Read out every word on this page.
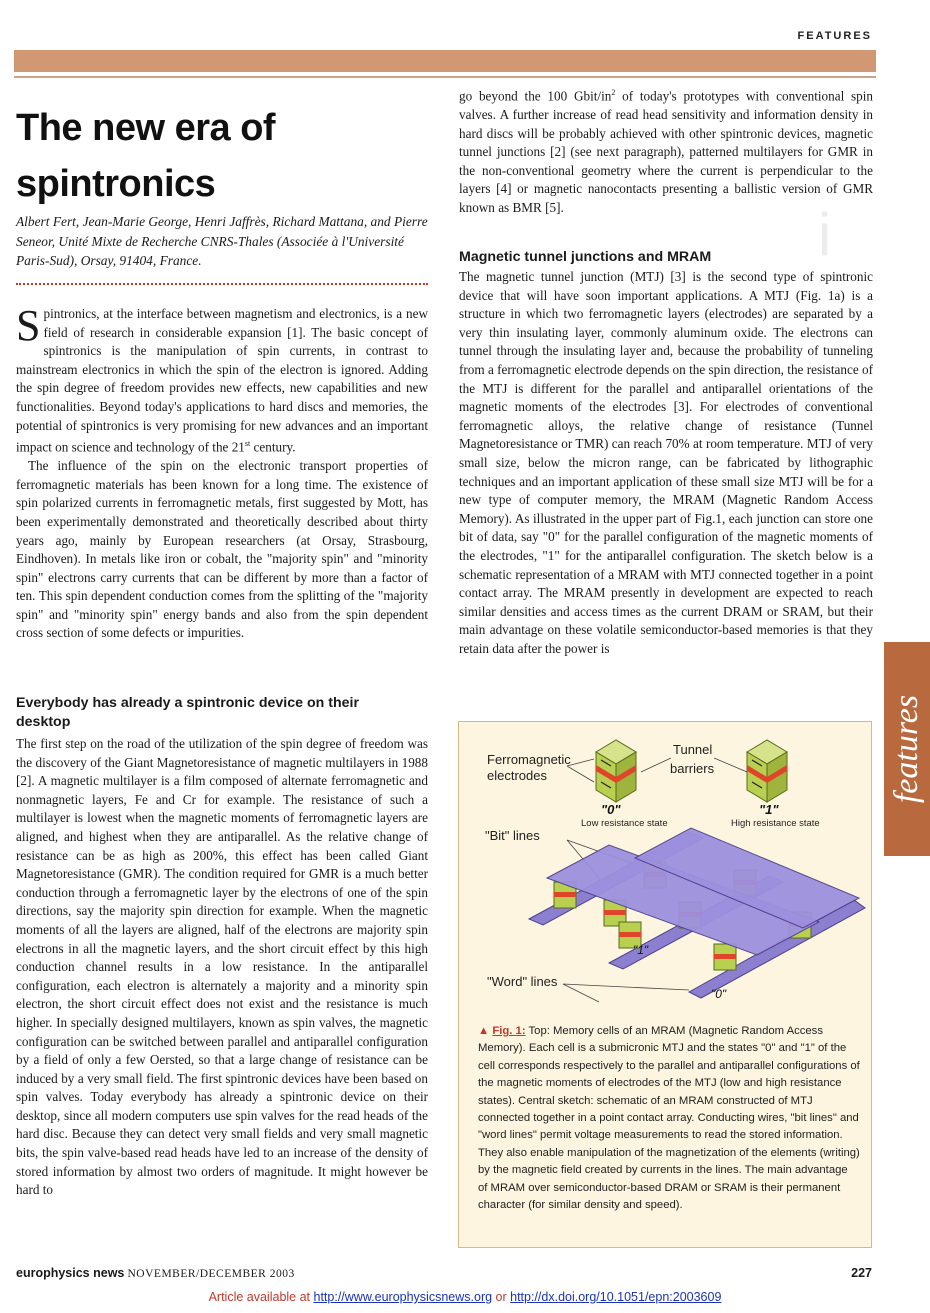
FEATURES
i
The new era of
spintronics
Albert Fert, Jean-Marie George, Henri Jaffrès, Richard Mattana, and Pierre Seneor, Unité Mixte de Recherche CNRS-Thales (Associée à l'Université Paris-Sud), Orsay, 91404, France.

Spintronics, at the interface between magnetism and electronics, is a new field of research in considerable expansion [1]. The basic concept of spintronics is the manipulation of spin currents, in contrast to mainstream electronics in which the spin of the electron is ignored. Adding the spin degree of freedom provides new effects, new capabilities and new functionalities. Beyond today's applications to hard discs and memories, the potential of spintronics is very promising for new advances and an important impact on science and technology of the 21st century.

The influence of the spin on the electronic transport properties of ferromagnetic materials has been known for a long time. The existence of spin polarized currents in ferromagnetic metals, first suggested by Mott, has been experimentally demonstrated and theoretically described about thirty years ago, mainly by European researchers (at Orsay, Strasbourg, Eindhoven). In metals like iron or cobalt, the "majority spin" and "minority spin" electrons carry currents that can be different by more than a factor of ten. This spin dependent conduction comes from the splitting of the "majority spin" and "minority spin" energy bands and also from the spin dependent cross section of some defects or impurities.

Everybody has already a spintronic device on their desktop

The first step on the road of the utilization of the spin degree of freedom was the discovery of the Giant Magnetoresistance of magnetic multilayers in 1988 [2]. A magnetic multilayer is a film composed of alternate ferromagnetic and nonmagnetic layers, Fe and Cr for example. The resistance of such a multilayer is lowest when the magnetic moments of ferromagnetic layers are aligned, and highest when they are antiparallel. As the relative change of resistance can be as high as 200%, this effect has been called Giant Magnetoresistance (GMR). The condition required for GMR is a much better conduction through a ferromagnetic layer by the electrons of one of the spin directions, say the majority spin direction for example. When the magnetic moments of all the layers are aligned, half of the electrons are majority spin electrons in all the magnetic layers, and the short circuit effect by this high conduction channel results in a low resistance. In the antiparallel configuration, each electron is alternately a majority and a minority spin electron, the short circuit effect does not exist and the resistance is much higher. In specially designed multilayers, known as spin valves, the magnetic configuration can be switched between parallel and antiparallel configuration by a field of only a few Oersted, so that a large change of resistance can be induced by a very small field. The first spintronic devices have been based on spin valves. Today everybody has already a spintronic device on their desktop, since all modern computers use spin valves for the read heads of the hard disc. Because they can detect very small fields and very small magnetic bits, the spin valve-based read heads have led to an increase of the density of stored information by almost two orders of magnitude. It might however be hard to

go beyond the 100 Gbit/$in^2$ of today's prototypes with conventional spin valves. A further increase of read head sensitivity and information density in hard discs will be probably achieved with other spintronic devices, magnetic tunnel junctions [2] (see next paragraph), patterned multilayers for GMR in the non-conventional geometry where the current is perpendicular to the layers [4] or magnetic nanocontacts presenting a ballistic version of GMR known as BMR [5].

Magnetic tunnel junctions and MRAM

The magnetic tunnel junction (MTJ) [3] is the second type of spintronic device that will have soon important applications. A MTJ (Fig. 1a) is a structure in which two ferromagnetic layers (electrodes) are separated by a very thin insulating layer, commonly aluminum oxide. The electrons can tunnel through the insulating layer and, because the probability of tunneling from a ferromagnetic electrode depends on the spin direction, the resistance of the MTJ is different for the parallel and antiparallel orientations of the magnetic moments of the electrodes [3]. For electrodes of conventional ferromagnetic alloys, the relative change of resistance (Tunnel Magnetoresistance or TMR) can reach 70% at room temperature. MTJ of very small size, below the micron range, can be fabricated by lithographic techniques and an important application of these small size MTJ will be for a new type of computer memory, the MRAM (Magnetic Random Access Memory). As illustrated in the upper part of Fig.1, each junction can store one bit of data, say "0" for the parallel configuration of the magnetic moments of the electrodes, "1" for the antiparallel configuration. The sketch below is a schematic representation of a MRAM with MTJ connected together in a point contact array. The MRAM presently in development are expected to reach similar densities and access times as the current DRAM or SRAM, but their main advantage on these volatile semiconductor-based memories is that they retain data after the power is

Ferromagnetic
electrodes
Tunnel
barriers
"0"	"1"
Low resistance state	High resistance state
"Bit" lines
"Word" lines
"1"
"0"
▲ Fig. 1: Top: Memory cells of an MRAM (Magnetic Random Access Memory). Each cell is a submicronic MTJ and the states "0" and "1" of the cell corresponds respectively to the parallel and antiparallel configurations of the magnetic moments of electrodes of the MTJ (low and high resistance states). Central sketch: schematic of an MRAM constructed of MTJ connected together in a point contact array. Conducting wires, "bit lines" and "word lines" permit voltage measurements to read the stored information. They also enable manipulation of the magnetization of the elements (writing) by the magnetic field created by currents in the lines. The main advantage of MRAM over semiconductor-based DRAM or SRAM is their permanent character (for similar density and speed).
features
europhysics news NOVEMBER/DECEMBER 2003	227
Article available at http://www.europhysicsnews.org or http://dx.doi.org/10.1051/epn:2003609
